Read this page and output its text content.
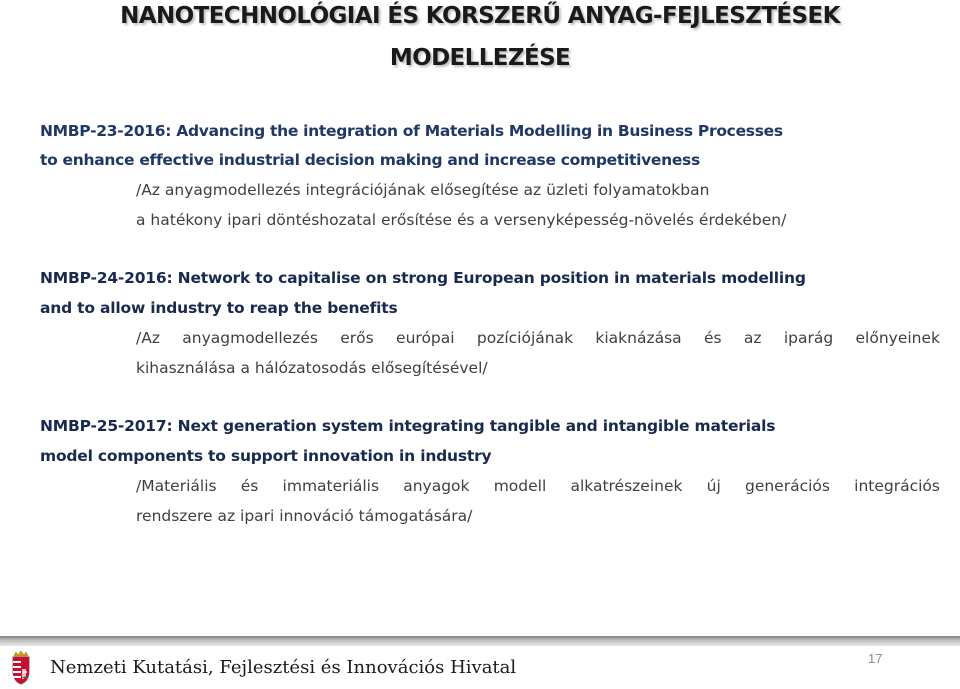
NANOTECHNOLÓGIAI ÉS KORSZERŰ ANYAG-FEJLESZTÉSEK
MODELLEZÉSE
NMBP-23-2016: Advancing the integration of Materials Modelling in Business Processes
to enhance effective industrial decision making and increase competitiveness
/Az anyagmodellezés integrációjának elősegítése az üzleti folyamatokban
a hatékony ipari döntéshozatal erősítése és a versenyképesség-növelés érdekében/
NMBP-24-2016: Network to capitalise on strong European position in materials modelling
and to allow industry to reap the benefits
/Az anyagmodellezés erős európai pozíciójának kiaknázása és az iparág előnyeinek
kihasználása a hálózatosodás elősegítésével/
NMBP-25-2017: Next generation system integrating tangible and intangible materials
model components to support innovation in industry
/Materiális és immateriális anyagok modell alkatrészeinek új generációs integrációs
rendszere az ipari innováció támogatására/
Nemzeti Kutatási, Fejlesztési és Innovációs Hivatal	17
